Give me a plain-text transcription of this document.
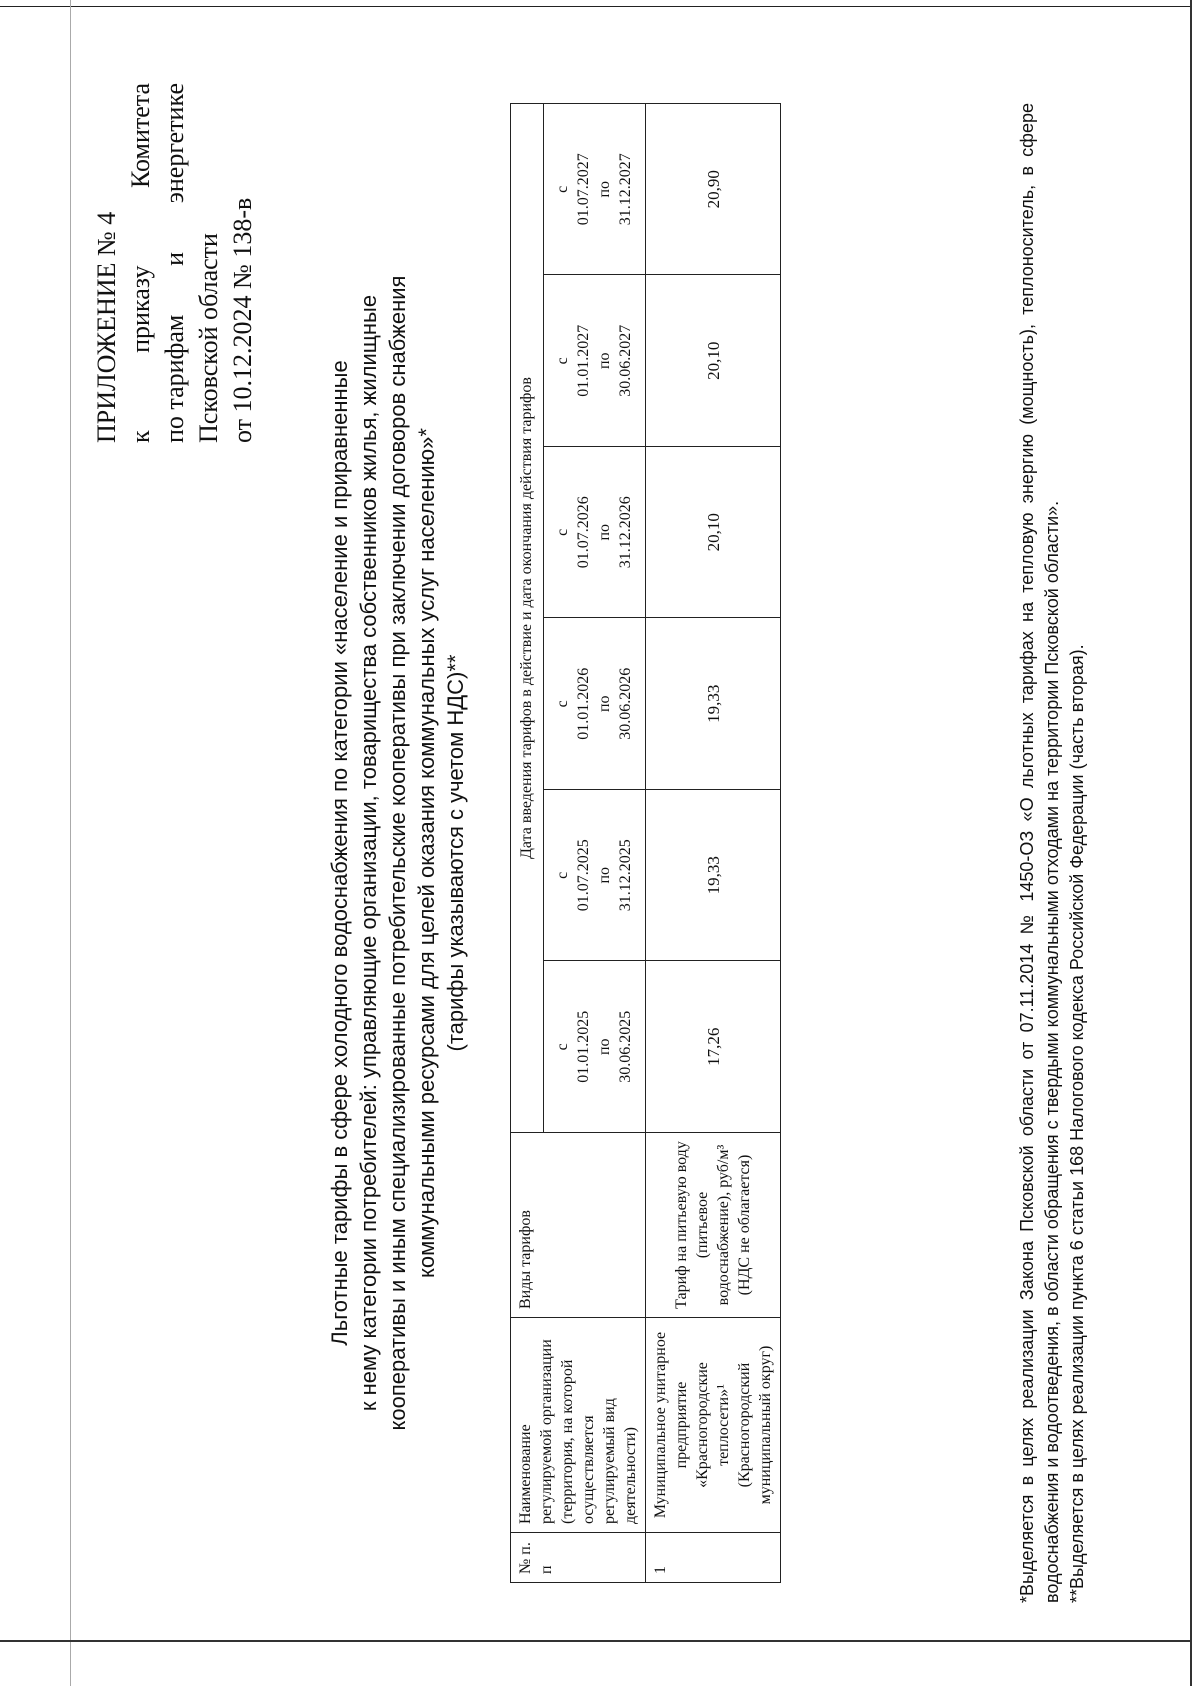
ПРИЛОЖЕНИЕ № 4 к
приказу
Комитета
по тарифам
и
энергетике
Псковской области от 10.12.2024 № 138-в
Льготные тарифы в сфере холодного водоснабжения по категории «население и приравненные к нему категории потребителей: управляющие организации, товарищества собственников жилья, жилищные кооперативы и иным специализированные потребительские кооперативы при заключении договоров снабжения коммунальными ресурсами для целей оказания коммунальных услуг населению»* (тарифы указываются с учетом НДС)**
№ п. п	Наименование регулируемой организации (территория, на которой осуществляется регулируемый вид деятельности)	Виды тарифов	Дата введения тарифов в действие и дата окончания действия тарифов					

			с 01.01.2025 по 30.06.2025	с 01.07.2025 по 31.12.2025	с 01.01.2026 по 30.06.2026	с 01.07.2026 по 31.12.2026	с 01.01.2027 по 30.06.2027	с 01.07.2027 по 31.12.2027

1	Муниципальное унитарное предприятие «Красногородские теплосети»¹ (Красногородский муниципальный округ)	Тариф на питьевую воду (питьевое водоснабжение), руб/м³ (НДС не облагается)	17,26	19,33	19,33	20,10	20,10	20,90	*Выделяется в целях реализации Закона Псковской области от 07.11.2014 № 1450-ОЗ «О льготных тарифах на тепловую энергию (мощность), теплоноситель, в сфере водоснабжения и водоотведения, в области обращения с твердыми коммунальными отходами на территории Псковской области». **Выделяется в целях реализации пункта 6 статьи 168 Налогового кодекса Российской Федерации (часть вторая).
